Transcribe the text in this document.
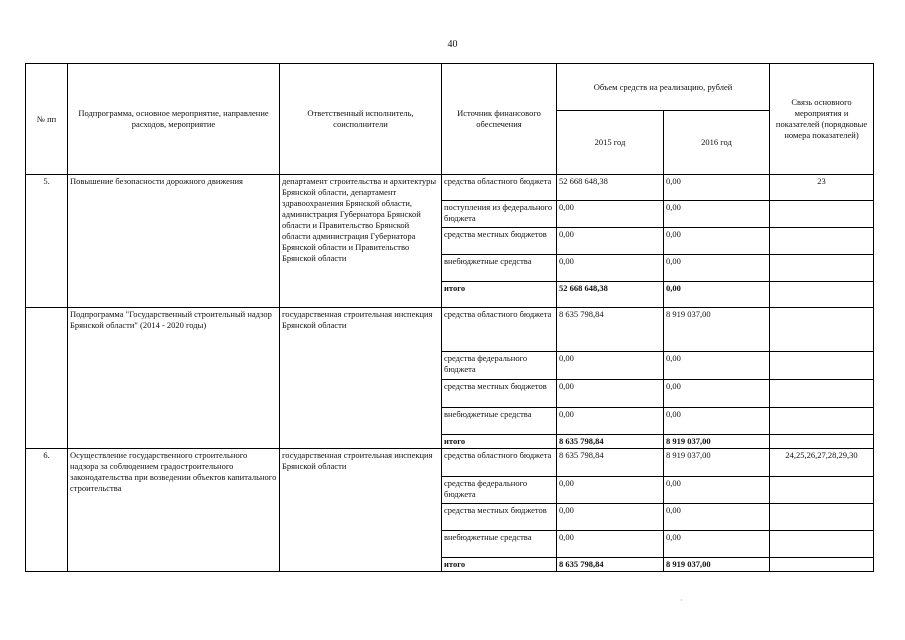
40
№ пп	Подпрограмма, основное мероприятие, направление расходов, мероприятие	Ответственный исполнитель, соисполнители	Источник финансового обеспечения	Объем средств на реализацию, рублей		Связь основного мероприятия и показателей (порядковые номера показателей)
				2015 год	2016 год	
5.	Повышение безопасности дорожного движения	департамент строительства и архитектуры Брянской области, департамент здравоохранения Брянской области, администрация Губернатора Брянской области и Правительство Брянской области администрация Губернатора Брянской области и Правительство Брянской области	средства областного бюджета	52 668 648,38	0,00	23
			поступления из федерального бюджета	0,00	0,00	
			средства местных бюджетов	0,00	0,00	
			внебюджетные средства	0,00	0,00	
			итого	52 668 648,38	0,00	
	Подпрограмма "Государственный строительный надзор Брянской области" (2014 - 2020 годы)	государственная строительная инспекция Брянской области	средства областного бюджета	8 635 798,84	8 919 037,00	
			средства федерального бюджета	0,00	0,00	
			средства местных бюджетов	0,00	0,00	
			внебюджетные средства	0,00	0,00	
			итого	8 635 798,84	8 919 037,00	
6.	Осуществление государственного строительного надзора за соблюдением градостроительного законодательства при возведении объектов капитального строительства	государственная строительная инспекция Брянской области	средства областного бюджета	8 635 798,84	8 919 037,00	24,25,26,27,28,29,30
			средства федерального бюджета	0,00	0,00	
			средства местных бюджетов	0,00	0,00	
			внебюджетные средства	0,00	0,00	
			итого	8 635 798,84	8 919 037,00	
·
